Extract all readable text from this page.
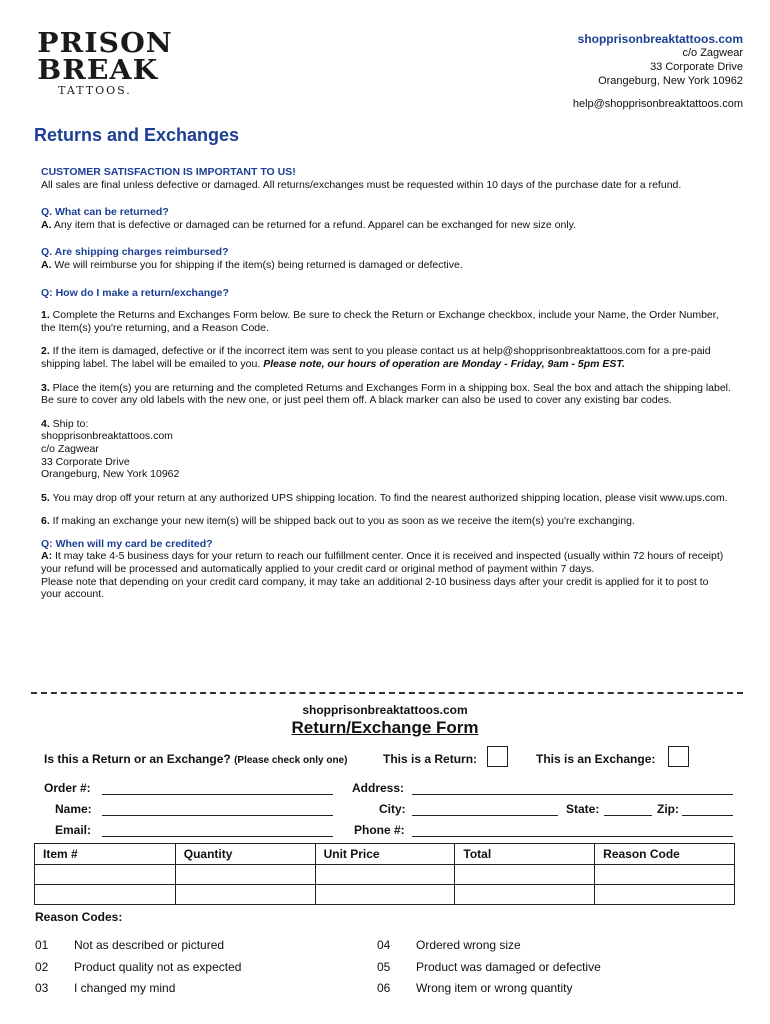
PRISON
BREAK
TATTOOS.
shopprisonbreaktattoos.com
c/o Zagwear
33 Corporate Drive
Orangeburg, New York 10962
help@shopprisonbreaktattoos.com
Returns and Exchanges

CUSTOMER SATISFACTION IS IMPORTANT TO US!

All sales are final unless defective or damaged. All returns/exchanges must be requested within 10 days of the purchase date for a refund.

Q. What can be returned?

A. Any item that is defective or damaged can be returned for a refund. Apparel can be exchanged for new size only.

Q. Are shipping charges reimbursed?

A. We will reimburse you for shipping if the item(s) being returned is damaged or defective.

Q: How do I make a return/exchange?

1. Complete the Returns and Exchanges Form below. Be sure to check the Return or Exchange checkbox, include your Name, the Order Number, the Item(s) you're returning, and a Reason Code.

2. If the item is damaged, defective or if the incorrect item was sent to you please contact us at help@shopprisonbreaktattoos.com for a pre-paid shipping label. The label will be emailed to you. Please note, our hours of operation are Monday - Friday, 9am - 5pm EST.

3. Place the item(s) you are returning and the completed Returns and Exchanges Form in a shipping box. Seal the box and attach the shipping label. Be sure to cover any old labels with the new one, or just peel them off. A black marker can also be used to cover any existing bar codes.

4. Ship to:

shopprisonbreaktattoos.com

c/o Zagwear

33 Corporate Drive

Orangeburg, New York 10962

5. You may drop off your return at any authorized UPS shipping location. To find the nearest authorized shipping location, please visit www.ups.com.

6. If making an exchange your new item(s) will be shipped back out to you as soon as we receive the item(s) you're exchanging.

Q: When will my card be credited?

A: It may take 4-5 business days for your return to reach our fulfillment center. Once it is received and inspected (usually within 72 hours of receipt) your refund will be processed and automatically applied to your credit card or original method of payment within 7 days.

Please note that depending on your credit card company, it may take an additional 2-10 business days after your credit is applied for it to post to your account.

shopprisonbreaktattoos.com
Return/Exchange Form
Is this a Return or an Exchange? (Please check only one)	This is a Return:	This is an Exchange:
Order #:
Name:
Email:
Address:
City:	State:	Zip:
Phone #:
Item #	Quantity	Unit Price	Total	Reason Code

Reason Codes:
01 Not as described or pictured
02 Product quality not as expected
03 I changed my mind
04 Ordered wrong size
05 Product was damaged or defective
06 Wrong item or wrong quantity
